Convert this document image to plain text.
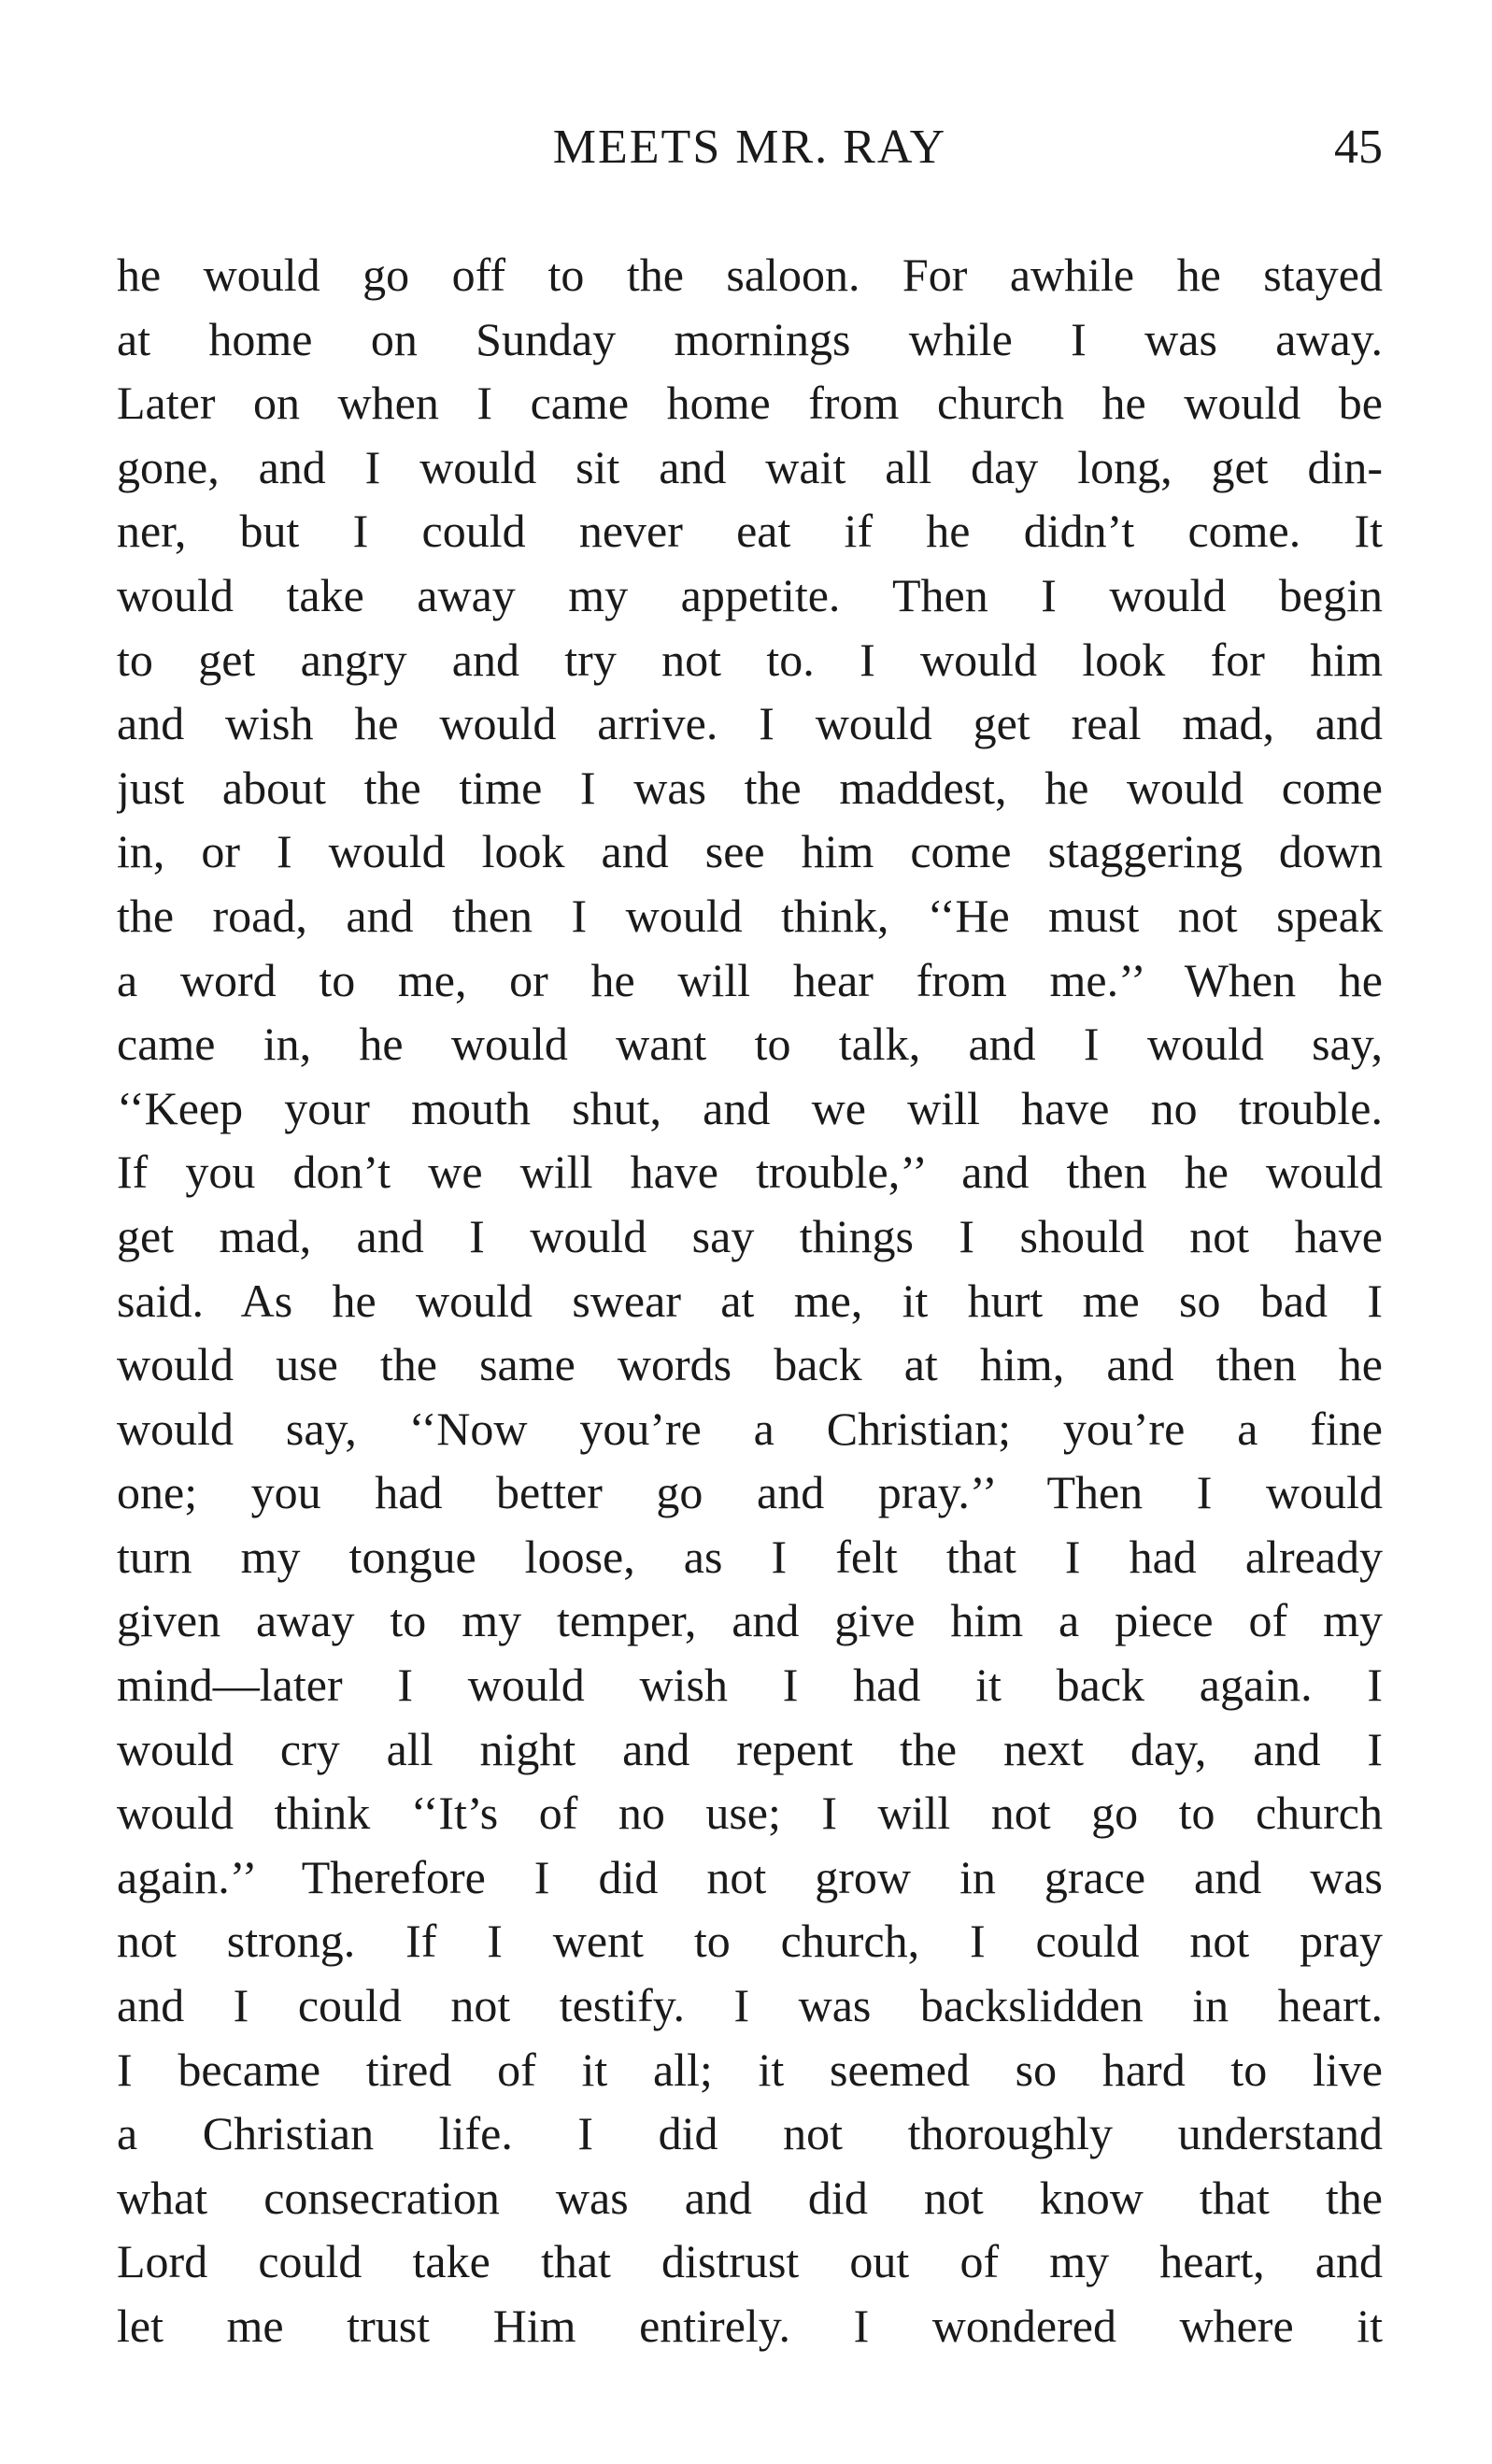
MEETS MR. RAY	45
he would go off to the saloon. For awhile he stayed
at home on Sunday mornings while I was away.
Later on when I came home from church he would be
gone, and I would sit and wait all day long, get din-
ner, but I could never eat if he didn’t come. It
would take away my appetite. Then I would begin
to get angry and try not to. I would look for him
and wish he would arrive. I would get real mad, and
just about the time I was the maddest, he would come
in, or I would look and see him come staggering down
the road, and then I would think, ‘‘He must not speak
a word to me, or he will hear from me.’’ When he
came in, he would want to talk, and I would say,
‘‘Keep your mouth shut, and we will have no trouble.
If you don’t we will have trouble,’’ and then he would
get mad, and I would say things I should not have
said. As he would swear at me, it hurt me so bad I
would use the same words back at him, and then he
would say, ‘‘Now you’re a Christian; you’re a fine
one; you had better go and pray.’’ Then I would
turn my tongue loose, as I felt that I had already
given away to my temper, and give him a piece of my
mind—later I would wish I had it back again. I
would cry all night and repent the next day, and I
would think ‘‘It’s of no use; I will not go to church
again.’’ Therefore I did not grow in grace and was
not strong. If I went to church, I could not pray
and I could not testify. I was backslidden in heart.
I became tired of it all; it seemed so hard to live
a Christian life. I did not thoroughly understand
what consecration was and did not know that the
Lord could take that distrust out of my heart, and
let me trust Him entirely. I wondered where it
